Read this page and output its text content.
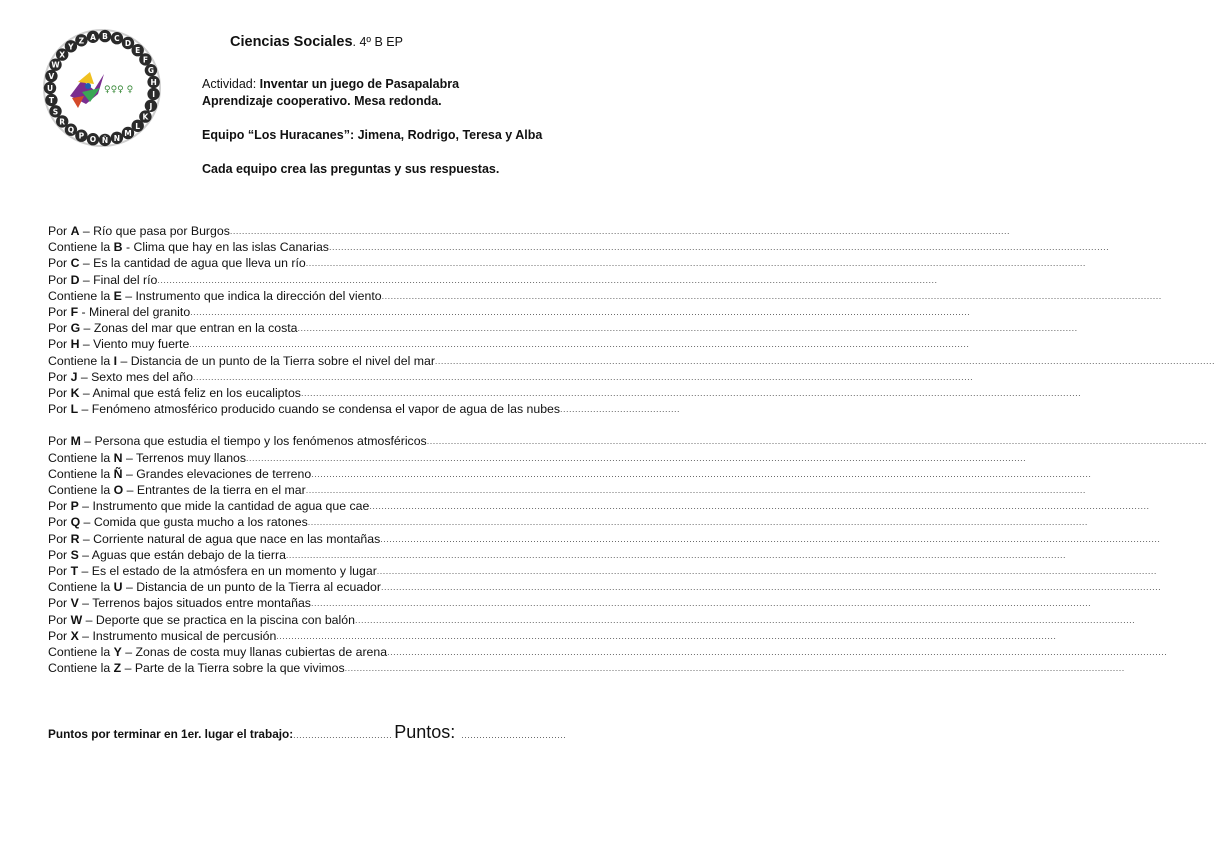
A B C
D
E
F
G
H
I
J
K
L
M
N
Ñ
O
P
Q
R
S
T
U
V
W
X
Y
Z
♀♀♀ ♀
Ciencias Sociales. 4º B EP
Actividad: Inventar un juego de Pasapalabra
Aprendizaje cooperativo. Mesa redonda.
Equipo “Los Huracanes”: Jimena, Rodrigo, Teresa y Alba
Cada equipo crea las preguntas y sus respuestas.
Por A – Río que pasa por Burgos ....................................................................................................................................................................................................................................................................
Contiene la B - Clima que hay en las islas Canarias ....................................................................................................................................................................................................................................................................
Por C – Es la cantidad de agua que lleva un río ....................................................................................................................................................................................................................................................................
Por D – Final del río ....................................................................................................................................................................................................................................................................
Contiene la E – Instrumento que indica la dirección del viento ....................................................................................................................................................................................................................................................................
Por F - Mineral del granito ....................................................................................................................................................................................................................................................................
Por G – Zonas del mar que entran en la costa ....................................................................................................................................................................................................................................................................
Por H – Viento muy fuerte ....................................................................................................................................................................................................................................................................
Contiene la I – Distancia de un punto de la Tierra sobre el nivel del mar ....................................................................................................................................................................................................................................................................
Por J – Sexto mes del año ....................................................................................................................................................................................................................................................................
Por K – Animal que está feliz en los eucaliptos ....................................................................................................................................................................................................................................................................
Por L – Fenómeno atmosférico producido cuando se condensa el vapor de agua de las nubes ........................................
Por M – Persona que estudia el tiempo y los fenómenos atmosféricos ....................................................................................................................................................................................................................................................................
Contiene la N – Terrenos muy llanos ....................................................................................................................................................................................................................................................................
Contiene la Ñ – Grandes elevaciones de terreno ....................................................................................................................................................................................................................................................................
Contiene la O – Entrantes de la tierra en el mar ....................................................................................................................................................................................................................................................................
Por P – Instrumento que mide la cantidad de agua que cae ....................................................................................................................................................................................................................................................................
Por Q – Comida que gusta mucho a los ratones ....................................................................................................................................................................................................................................................................
Por R – Corriente natural de agua que nace en las montañas ....................................................................................................................................................................................................................................................................
Por S – Aguas que están debajo de la tierra ....................................................................................................................................................................................................................................................................
Por T – Es el estado de la atmósfera en un momento y lugar ....................................................................................................................................................................................................................................................................
Contiene la U – Distancia de un punto de la Tierra al ecuador ....................................................................................................................................................................................................................................................................
Por V – Terrenos bajos situados entre montañas ....................................................................................................................................................................................................................................................................
Por W – Deporte que se practica en la piscina con balón ....................................................................................................................................................................................................................................................................
Por X – Instrumento musical de percusión ....................................................................................................................................................................................................................................................................
Contiene la Y – Zonas de costa muy llanas cubiertas de arena ....................................................................................................................................................................................................................................................................
Contiene la Z – Parte de la Tierra sobre la que vivimos ....................................................................................................................................................................................................................................................................
Puntos por terminar en 1er. lugar el trabajo: ................................. Puntos: ...................................
